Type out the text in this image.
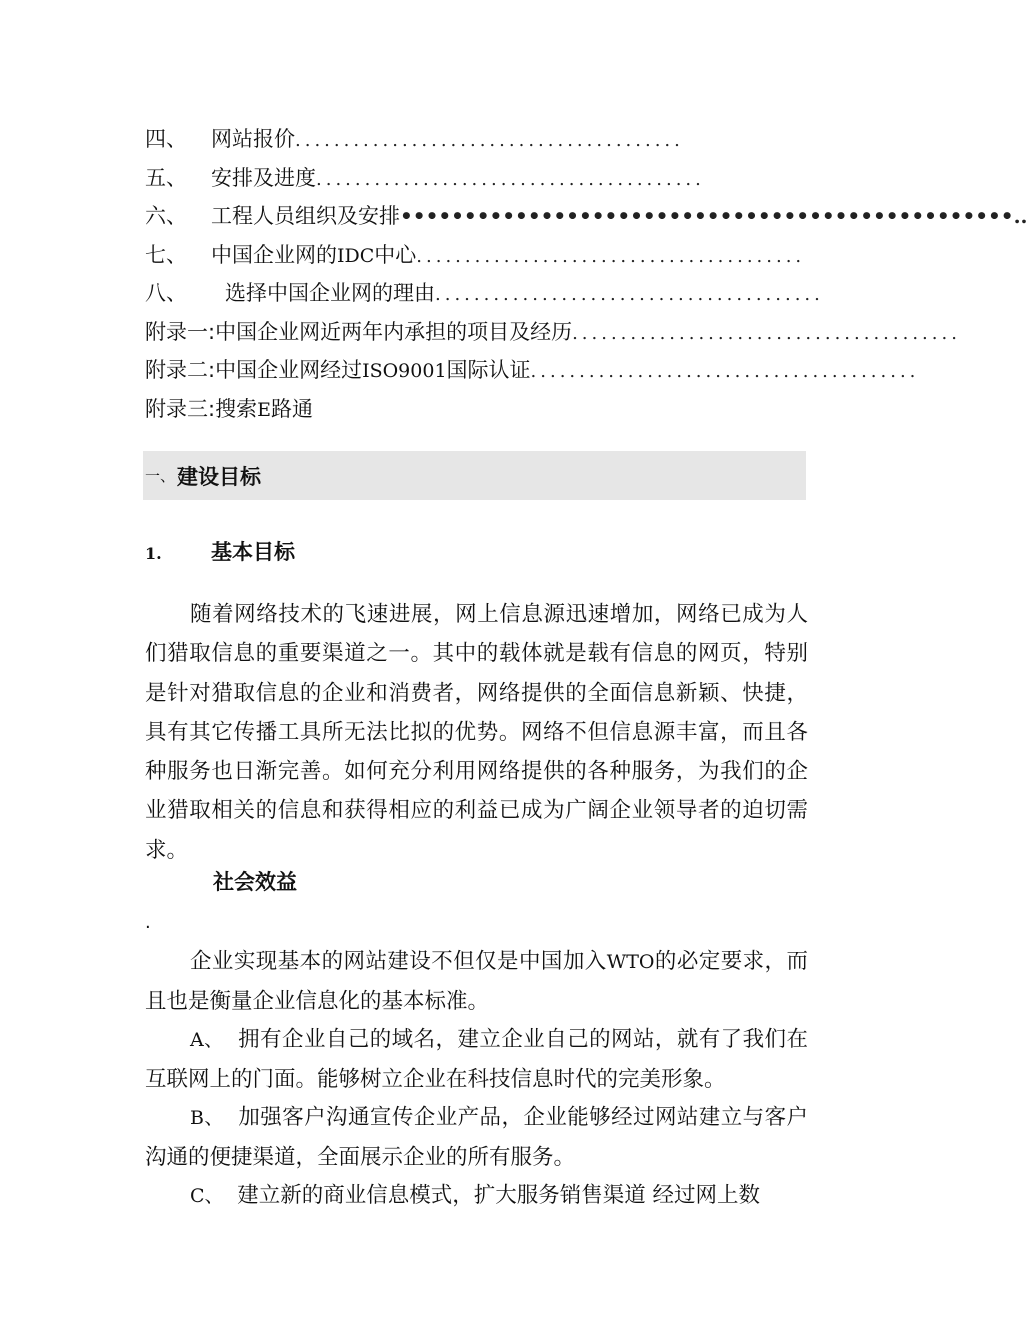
四、	网站报价 ........................................
五、	安排及进度 ........................................
六、	工程人员组织及安排 ••••••••••••••••••••••••••••••••••••••••••••••••..
七、	中国企业网的IDC中心 ........................................
八、	选择中国企业网的理由 ........................................
附录一: 中国企业网近两年内承担的项目及经历 ........................................
附录二: 中国企业网经过ISO9001国际认证 ........................................
附录三: 搜索E路通
一、 建设目标
1.	基本目标
随着网络技术的飞速进展，网上信息源迅速增加，网络已成为人们猎取信息的重要渠道之一。其中的载体就是载有信息的网页，特别是针对猎取信息的企业和消费者，网络提供的全面信息新颖、快捷，具有其它传播工具所无法比拟的优势。网络不但信息源丰富，而且各种服务也日渐完善。如何充分利用网络提供的各种服务，为我们的企业猎取相关的信息和获得相应的利益已成为广阔企业领导者的迫切需求。
社会效益
.
企业实现基本的网站建设不但仅是中国加入WTO的必定要求，而且也是衡量企业信息化的基本标准。
A、 拥有企业自己的域名，建立企业自己的网站，就有了我们在互联网上的门面。能够树立企业在科技信息时代的完美形象。
B、 加强客户沟通宣传企业产品，企业能够经过网站建立与客户沟通的便捷渠道，全面展示企业的所有服务。
C、 建立新的商业信息模式，扩大服务销售渠道 经过网上数
